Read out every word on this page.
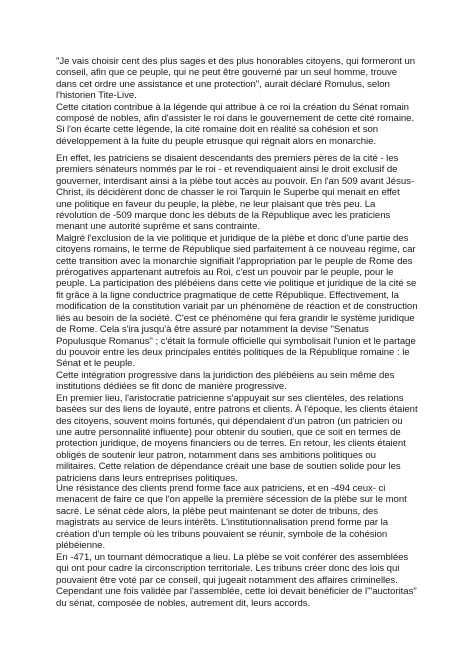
"Je vais choisir cent des plus sages et des plus honorables citoyens, qui formeront un conseil, afin que ce peuple, qui ne peut être gouverné par un seul homme, trouve dans cet ordre une assistance et une protection", aurait déclaré Romulus, selon l'historien Tite-Live.

Cette citation contribue à la légende qui attribue à ce roi la création du Sénat romain composé de nobles, afin d'assister le roi dans le gouvernement de cette cité romaine. Si l'on écarte cette légende, la cité romaine doit en réalité sa cohésion et son développement à la fuite du peuple etrusque qui régnait alors en monarchie.

En effet, les patriciens se disaient descendants des premiers pères de la cité - les premiers sénateurs nommés par le roi - et revendiquaient ainsi le droit exclusif de gouverner, interdisant ainsi à la plèbe tout accès au pouvoir. En l'an 509 avant Jésus-Christ, ils décidèrent donc de chasser le roi Tarquin le Superbe qui menait en effet une politique en faveur du peuple, la plèbe, ne leur plaisant que très peu. La révolution de -509 marque donc les débuts de la République avec les praticiens menant une autorité suprême et sans contrainte.

Malgré l'exclusion de la vie politique et juridique de la plèbe et donc d'une partie des citoyens romains, le terme de République sied parfaitement à ce nouveau régime, car cette transition avec la monarchie signifiait l'appropriation par le peuple de Rome des prérogatives appartenant autrefois au Roi, c'est un pouvoir par le peuple, pour le peuple. La participation des plébéiens dans cette vie politique et juridique de la cité se fit grâce à la ligne conductrice pragmatique de cette République. Effectivement, la modification de la constitution variait par un phénomène de réaction et de construction liés au besoin de la société. C'est ce phénomène qui fera grandir le système juridique de Rome. Cela s'ira jusqu'à être assuré par notamment la devise "Senatus Populusque Romanus" ; c'était la formule officielle qui symbolisait l'union et le partage du pouvoir entre les deux principales entités politiques de la République romaine : le Sénat et le peuple.

Cette intégration progressive dans la juridiction des plébéiens au sein même des institutions dédiées se fit donc de manière progressive.

En premier lieu, l'aristocratie patricienne s'appuyait sur ses clientèles, des relations basées sur des liens de loyauté, entre patrons et clients. À l'époque, les clients étaient des citoyens, souvent moins fortunés, qui dépendaient d'un patron (un patricien ou une autre personnalité influente) pour obtenir du soutien, que ce soit en termes de protection juridique, de moyens financiers ou de terres. En retour, les clients étaient obligés de soutenir leur patron, notamment dans ses ambitions politiques ou militaires. Cette relation de dépendance créait une base de soutien solide pour les patriciens dans leurs entreprises politiques.

Une résistance des clients prend forme face aux patriciens, et en -494 ceux- ci menacent de faire ce que l'on appelle la première sécession de la plèbe sur le mont sacré. Le sénat cède alors, la plèbe peut maintenant se doter de tribuns, des magistrats au service de leurs intérêts. L'institutionnalisation prend forme par la création d'un temple où les tribuns pouvaient se réunir, symbole de la cohésion plébéienne.

En -471, un tournant démocratique a lieu. La plèbe se voit conférer des assemblées qui ont pour cadre la circonscription territoriale. Les tribuns créer donc des lois qui pouvaient être voté par ce conseil, qui jugeait notamment des affaires criminelles. Cependant une fois validée par l'assemblée, cette loi devait bénéficier de l'"auctoritas" du sénat, composée de nobles, autrement dit, leurs accords.
